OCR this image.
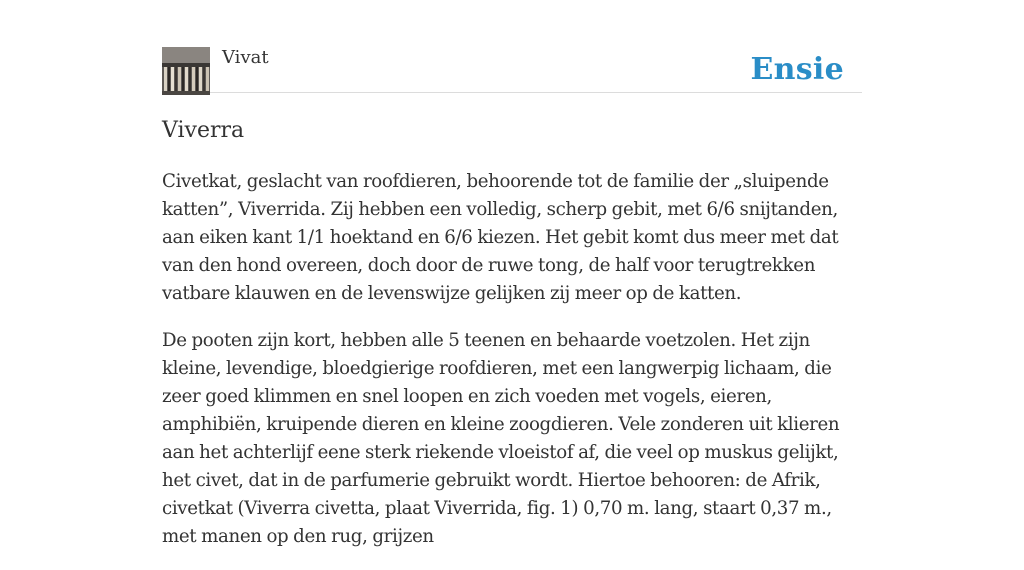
Vivat	Ensie
Viverra

Civetkat, geslacht van roofdieren, behoorende tot de familie der „sluipende katten”, Viverrida. Zij hebben een volledig, scherp gebit, met 6/6 snijtanden, aan eiken kant 1/1 hoektand en 6/6 kiezen. Het gebit komt dus meer met dat van den hond overeen, doch door de ruwe tong, de half voor terugtrekken vatbare klauwen en de levenswijze gelijken zij meer op de katten.

De pooten zijn kort, hebben alle 5 teenen en behaarde voetzolen. Het zijn kleine, levendige, bloedgierige roofdieren, met een langwerpig lichaam, die zeer goed klimmen en snel loopen en zich voeden met vogels, eieren, amphibiën, kruipende dieren en kleine zoogdieren. Vele zonderen uit klieren aan het achterlijf eene sterk riekende vloeistof af, die veel op muskus gelijkt, het civet, dat in de parfumerie gebruikt wordt. Hiertoe behooren: de Afrik, civetkat (Viverra civetta, plaat Viverrida, fig. 1) 0,70 m. lang, staart 0,37 m., met manen op den rug, grijzen
